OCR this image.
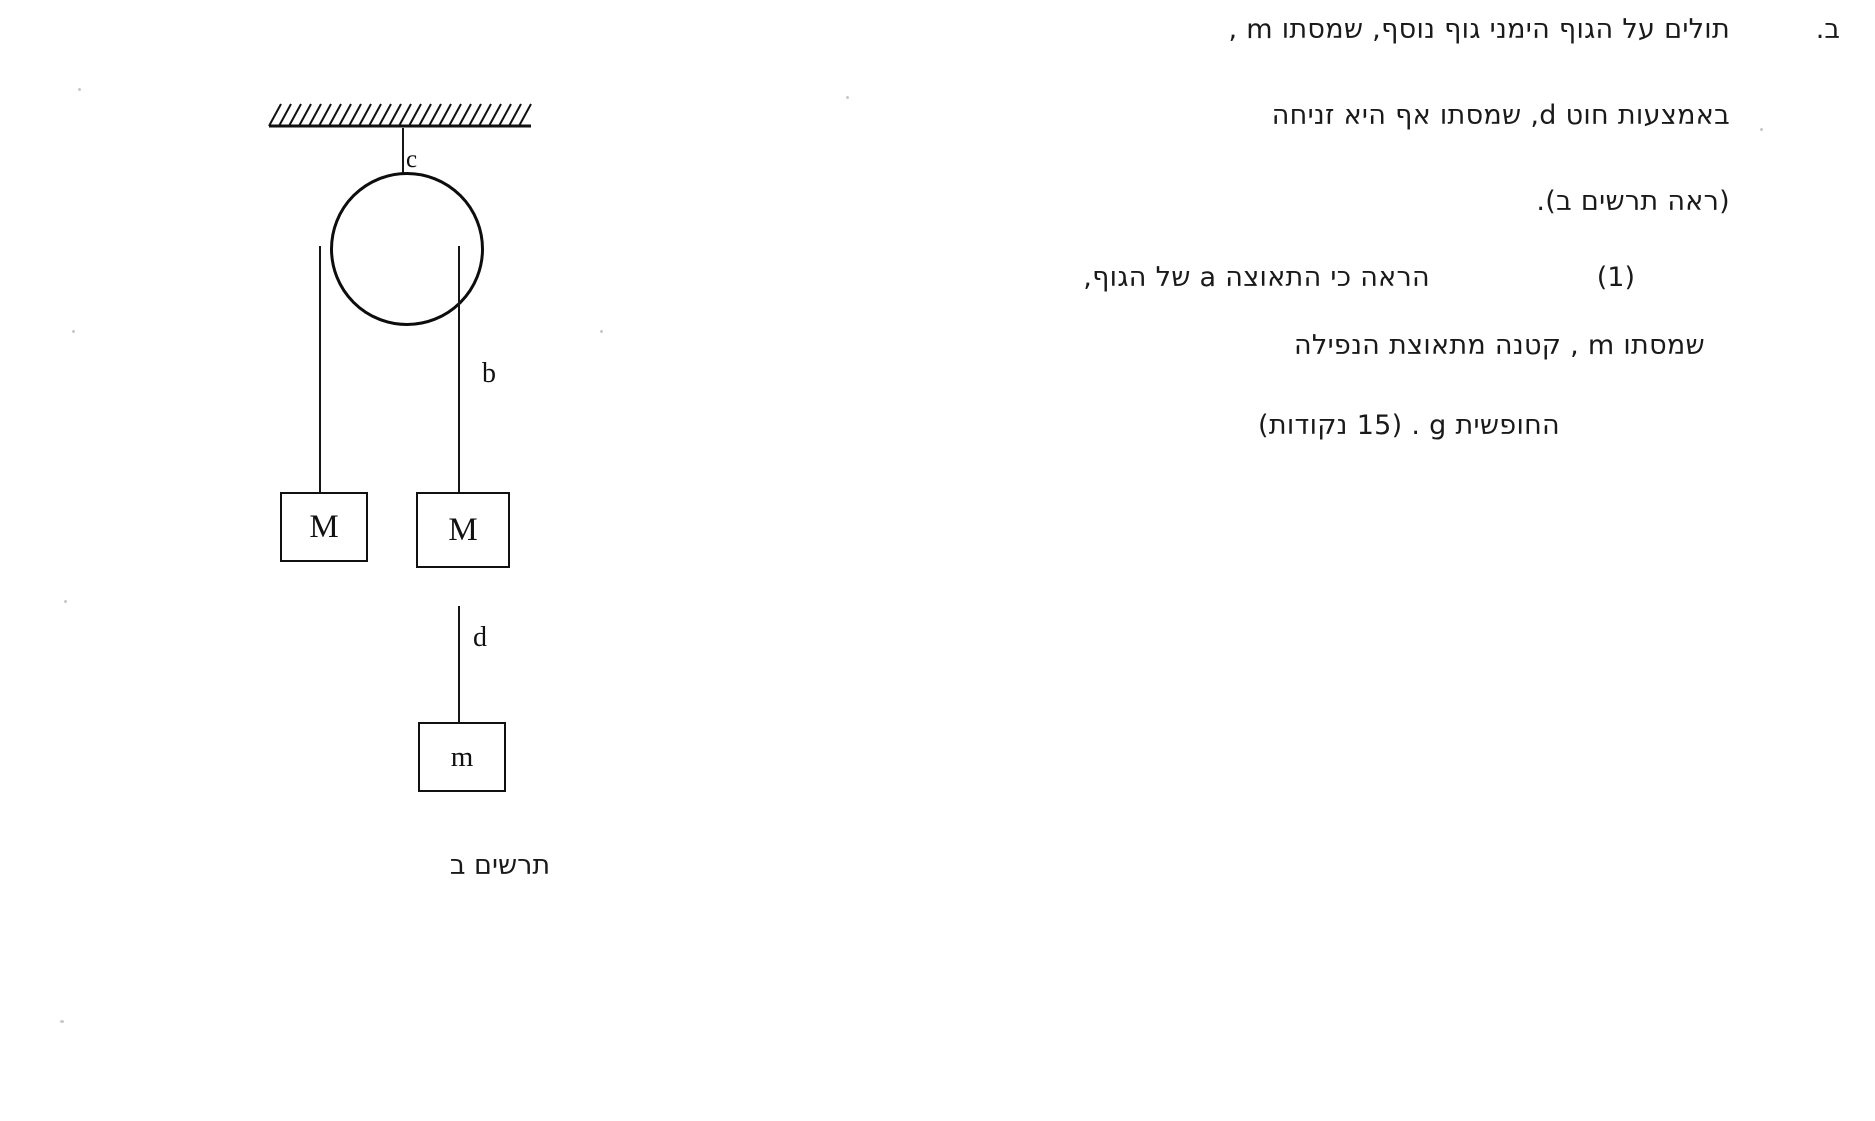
ב.
תולים על הגוף הימני גוף נוסף, שמסתו m ,
באמצעות חוט d, שמסתו אף היא זניחה
(ראה תרשים ב).
(1)
הראה כי התאוצה a של הגוף,
שמסתו m , קטנה מתאוצת הנפילה
החופשית g . (15 נקודות)
c
b
d
M	M
m
תרשים ב
